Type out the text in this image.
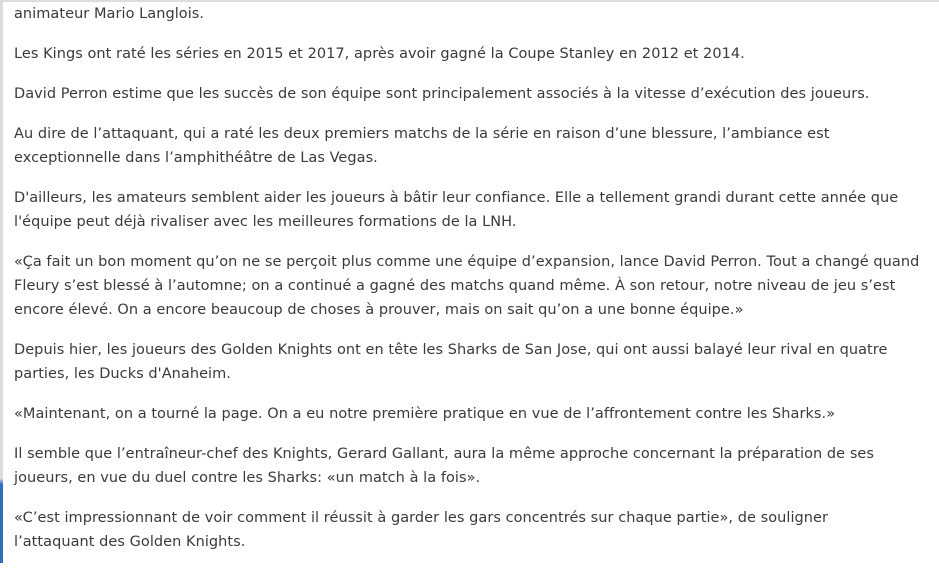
animateur Mario Langlois.

Les Kings ont raté les séries en 2015 et 2017, après avoir gagné la Coupe Stanley en 2012 et 2014.

David Perron estime que les succès de son équipe sont principalement associés à la vitesse d’exécution des joueurs.

Au dire de l’attaquant, qui a raté les deux premiers matchs de la série en raison d’une blessure, l’ambiance est
exceptionnelle dans l’amphithéâtre de Las Vegas.

D'ailleurs, les amateurs semblent aider les joueurs à bâtir leur confiance. Elle a tellement grandi durant cette année que
l'équipe peut déjà rivaliser avec les meilleures formations de la LNH.

«Ça fait un bon moment qu’on ne se perçoit plus comme une équipe d’expansion, lance David Perron. Tout a changé quand
Fleury s’est blessé à l’automne; on a continué a gagné des matchs quand même. À son retour, notre niveau de jeu s’est
encore élevé. On a encore beaucoup de choses à prouver, mais on sait qu’on a une bonne équipe.»

Depuis hier, les joueurs des Golden Knights ont en tête les Sharks de San Jose, qui ont aussi balayé leur rival en quatre
parties, les Ducks d'Anaheim.

«Maintenant, on a tourné la page. On a eu notre première pratique en vue de l’affrontement contre les Sharks.»

Il semble que l’entraîneur-chef des Knights, Gerard Gallant, aura la même approche concernant la préparation de ses
joueurs, en vue du duel contre les Sharks: «un match à la fois».

«C’est impressionnant de voir comment il réussit à garder les gars concentrés sur chaque partie», de souligner
l’attaquant des Golden Knights.
